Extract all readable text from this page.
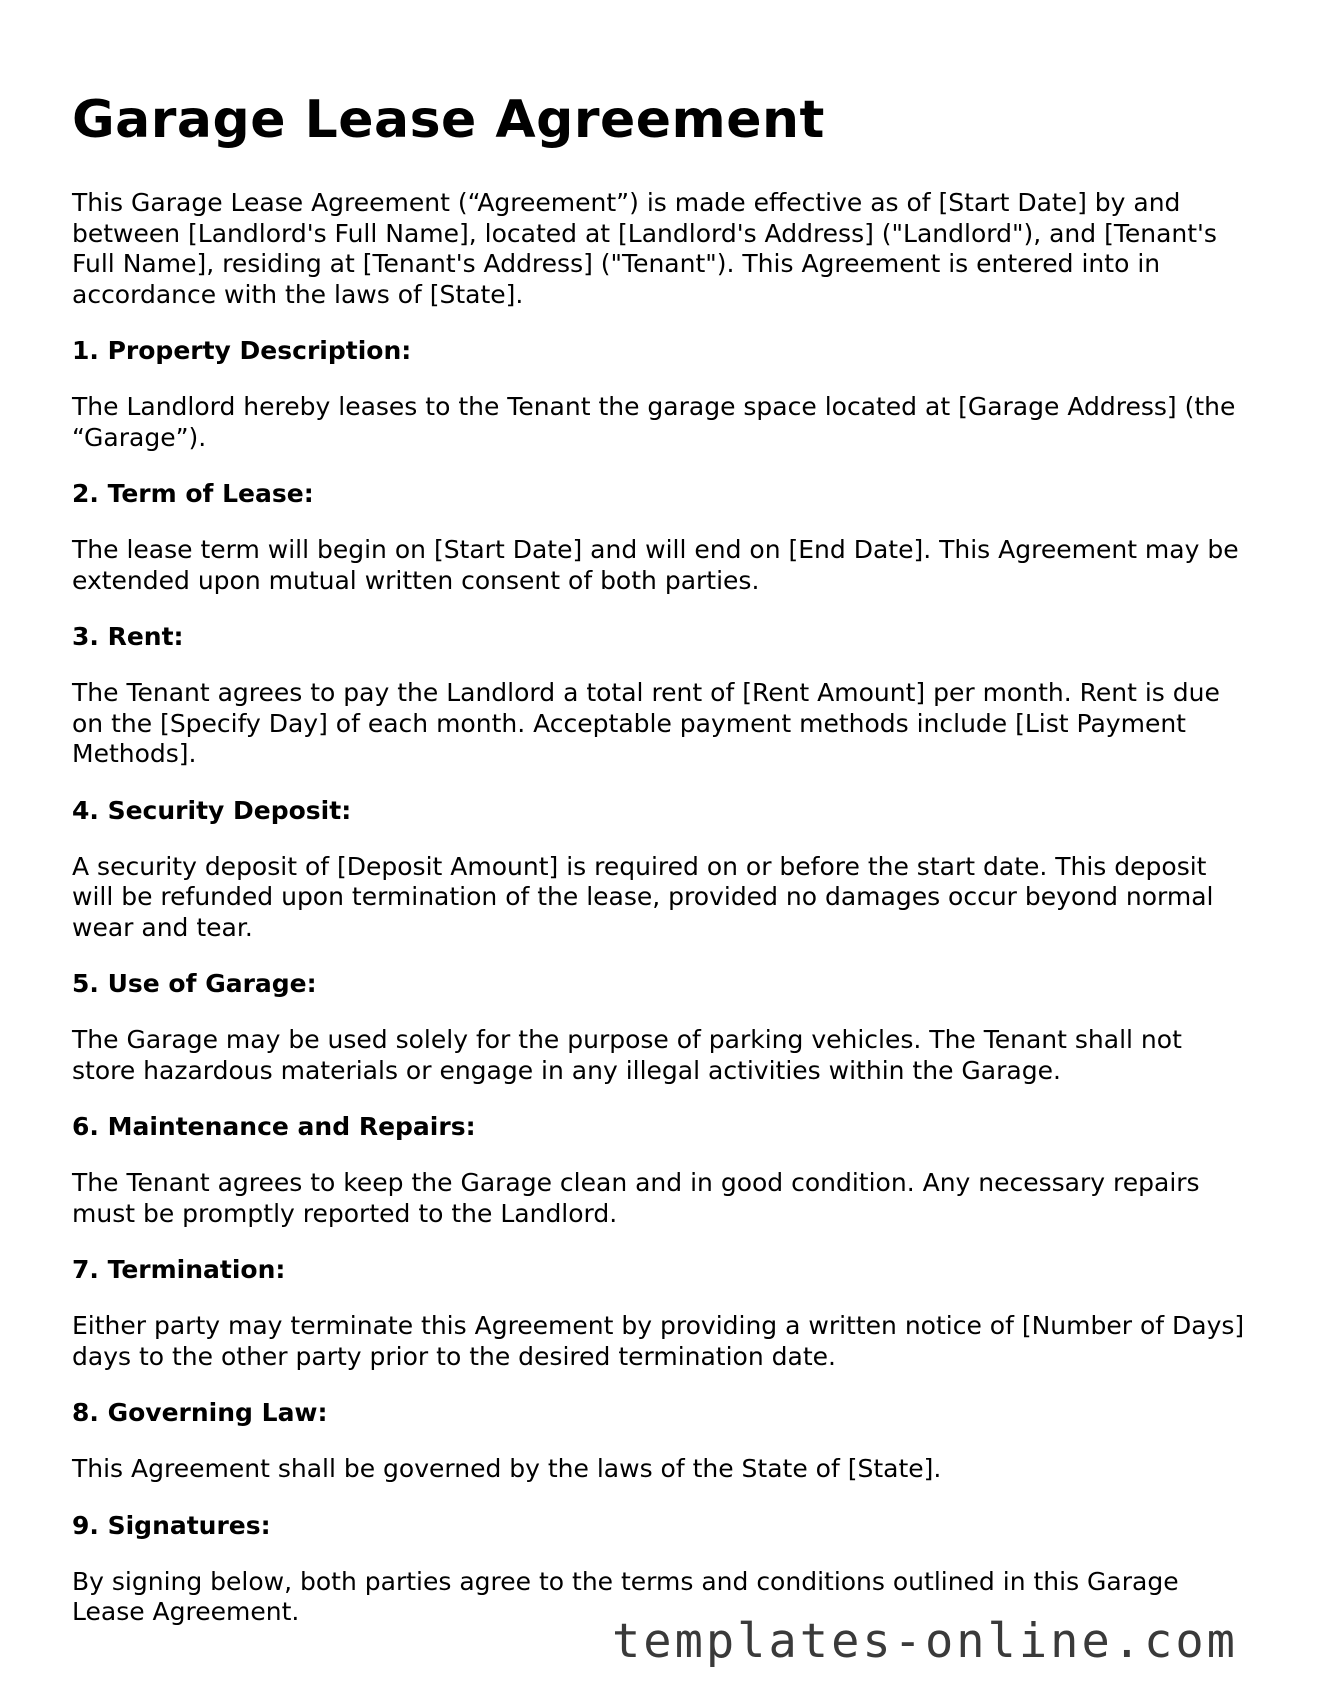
Garage Lease Agreement

This Garage Lease Agreement (“Agreement”) is made effective as of [Start Date] by and between [Landlord's Full Name], located at [Landlord's Address] ("Landlord"), and [Tenant's Full Name], residing at [Tenant's Address] ("Tenant"). This Agreement is entered into in accordance with the laws of [State].

1. Property Description:

The Landlord hereby leases to the Tenant the garage space located at [Garage Address] (the “Garage”).

2. Term of Lease:

The lease term will begin on [Start Date] and will end on [End Date]. This Agreement may be extended upon mutual written consent of both parties.

3. Rent:

The Tenant agrees to pay the Landlord a total rent of [Rent Amount] per month. Rent is due on the [Specify Day] of each month. Acceptable payment methods include [List Payment Methods].

4. Security Deposit:

A security deposit of [Deposit Amount] is required on or before the start date. This deposit will be refunded upon termination of the lease, provided no damages occur beyond normal wear and tear.

5. Use of Garage:

The Garage may be used solely for the purpose of parking vehicles. The Tenant shall not store hazardous materials or engage in any illegal activities within the Garage.

6. Maintenance and Repairs:

The Tenant agrees to keep the Garage clean and in good condition. Any necessary repairs must be promptly reported to the Landlord.

7. Termination:

Either party may terminate this Agreement by providing a written notice of [Number of Days] days to the other party prior to the desired termination date.

8. Governing Law:

This Agreement shall be governed by the laws of the State of [State].

9. Signatures:

By signing below, both parties agree to the terms and conditions outlined in this Garage Lease Agreement.

templates-online.com
